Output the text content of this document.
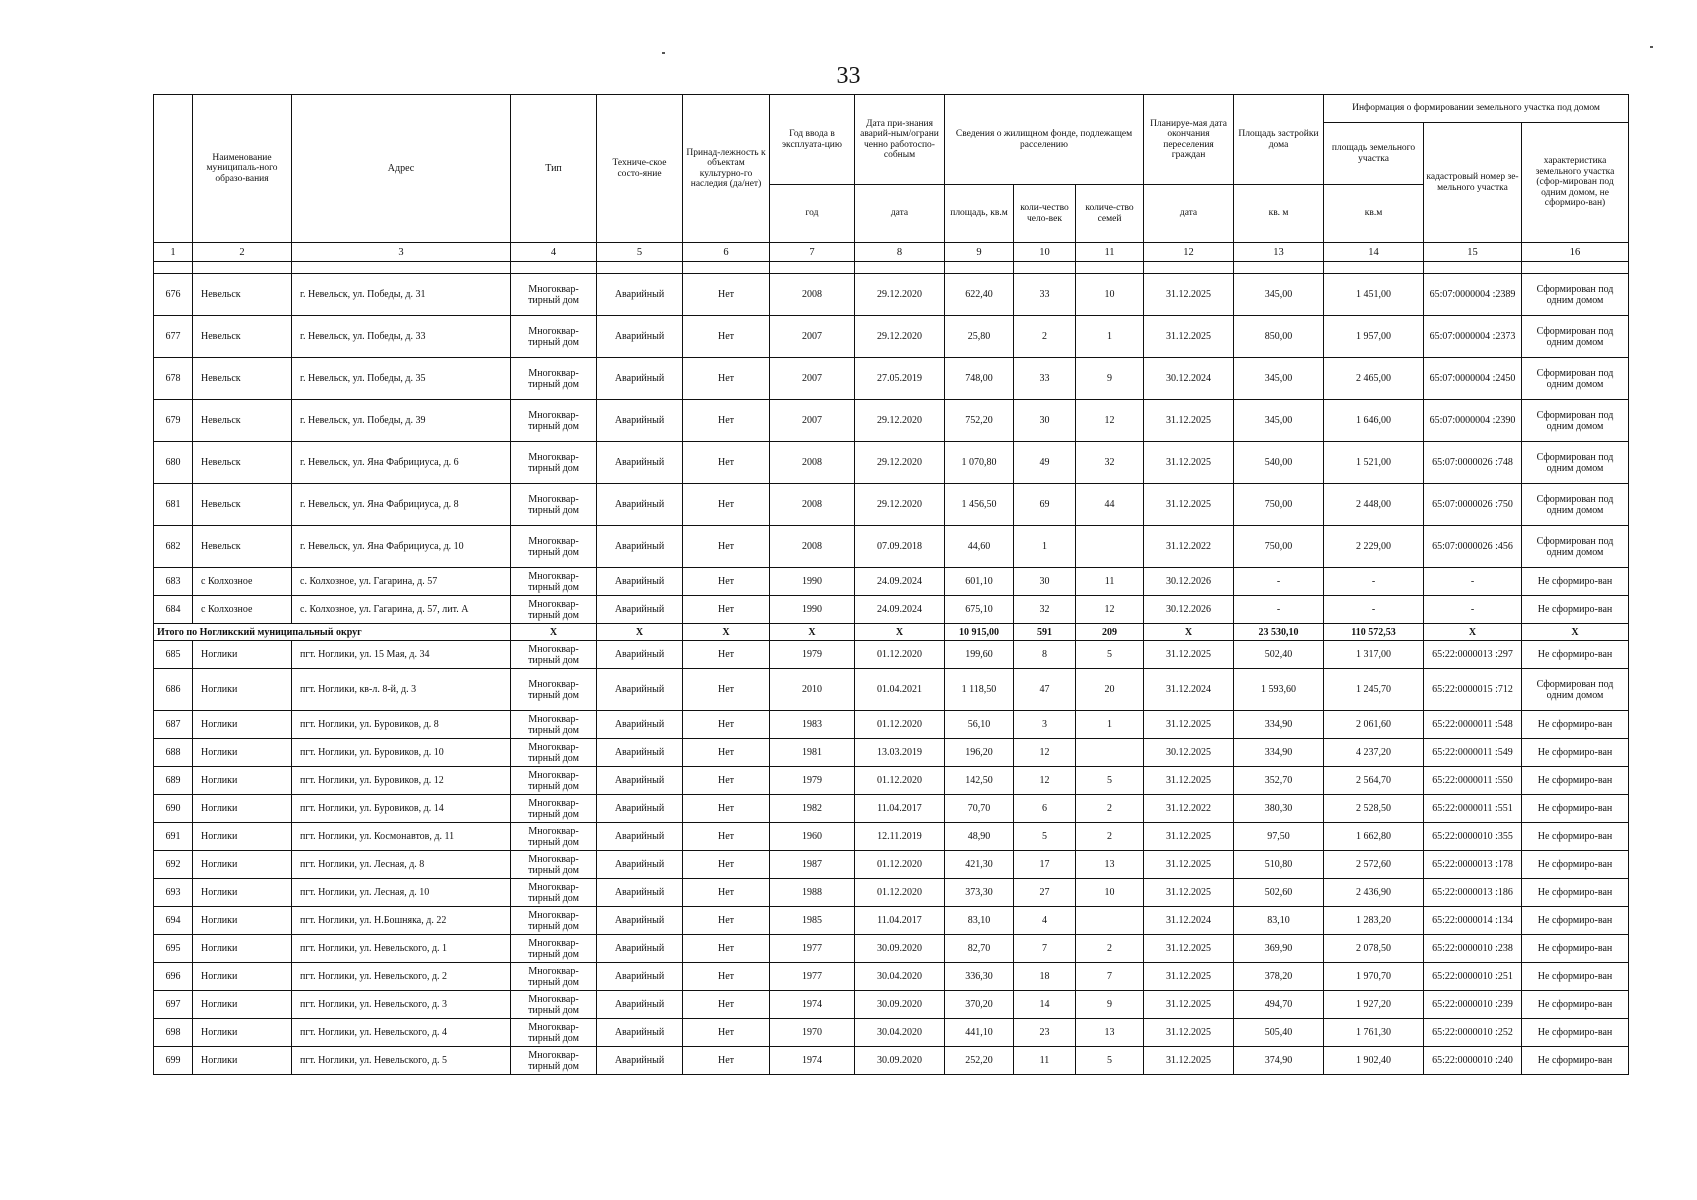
33
	Наименование муниципаль-ного образо-вания	Адрес	Тип	Техниче-ское состо-яние	Принад-лежность к объектам культурно-го наследия (да/нет)	Год ввода в эксплуата-цию	Дата при-знания аварий-ным/ограни ченно работоспо-собным	Сведения о жилищном фонде, подлежащем расселению			Планируе-мая дата окончания переселения граждан	Площадь застройки дома	Информация о формировании земельного участка под домом		
													площадь земельного участка	кадастровый номер зе-мельного участка	характеристика земельного участка (сфор-мирован под одним домом, не сформиро-ван)
						год	дата	площадь, кв.м	коли-чество чело-век	количе-ство семей	дата	кв. м	кв.м		
1	2	3	4	5	6	7	8	9	10	11	12	13	14	15	16

676	Невельск	г. Невельск, ул. Победы, д. 31	Многоквар-тирный дом	Аварийный	Нет	2008	29.12.2020	622,40	33	10	31.12.2025	345,00	1 451,00	65:07:0000004 :2389	Сформирован под одним домом
677	Невельск	г. Невельск, ул. Победы, д. 33	Многоквар-тирный дом	Аварийный	Нет	2007	29.12.2020	25,80	2	1	31.12.2025	850,00	1 957,00	65:07:0000004 :2373	Сформирован под одним домом
678	Невельск	г. Невельск, ул. Победы, д. 35	Многоквар-тирный дом	Аварийный	Нет	2007	27.05.2019	748,00	33	9	30.12.2024	345,00	2 465,00	65:07:0000004 :2450	Сформирован под одним домом
679	Невельск	г. Невельск, ул. Победы, д. 39	Многоквар-тирный дом	Аварийный	Нет	2007	29.12.2020	752,20	30	12	31.12.2025	345,00	1 646,00	65:07:0000004 :2390	Сформирован под одним домом
680	Невельск	г. Невельск, ул. Яна Фабрициуса, д. 6	Многоквар-тирный дом	Аварийный	Нет	2008	29.12.2020	1 070,80	49	32	31.12.2025	540,00	1 521,00	65:07:0000026 :748	Сформирован под одним домом
681	Невельск	г. Невельск, ул. Яна Фабрициуса, д. 8	Многоквар-тирный дом	Аварийный	Нет	2008	29.12.2020	1 456,50	69	44	31.12.2025	750,00	2 448,00	65:07:0000026 :750	Сформирован под одним домом
682	Невельск	г. Невельск, ул. Яна Фабрициуса, д. 10	Многоквар-тирный дом	Аварийный	Нет	2008	07.09.2018	44,60	1		31.12.2022	750,00	2 229,00	65:07:0000026 :456	Сформирован под одним домом
683	с Колхозное	с. Колхозное, ул. Гагарина, д. 57	Многоквар-тирный дом	Аварийный	Нет	1990	24.09.2024	601,10	30	11	30.12.2026	-	-	-	Не сформиро-ван
684	с Колхозное	с. Колхозное, ул. Гагарина, д. 57, лит. А	Многоквар-тирный дом	Аварийный	Нет	1990	24.09.2024	675,10	32	12	30.12.2026	-	-	-	Не сформиро-ван
Итого по Ногликский муниципальный округ			X	X	X	X	X	10 915,00	591	209	X	23 530,10	110 572,53	X	X
685	Ноглики	пгт. Ноглики, ул. 15 Мая, д. 34	Многоквар-тирный дом	Аварийный	Нет	1979	01.12.2020	199,60	8	5	31.12.2025	502,40	1 317,00	65:22:0000013 :297	Не сформиро-ван
686	Ноглики	пгт. Ноглики, кв-л. 8-й, д. 3	Многоквар-тирный дом	Аварийный	Нет	2010	01.04.2021	1 118,50	47	20	31.12.2024	1 593,60	1 245,70	65:22:0000015 :712	Сформирован под одним домом
687	Ноглики	пгт. Ноглики, ул. Буровиков, д. 8	Многоквар-тирный дом	Аварийный	Нет	1983	01.12.2020	56,10	3	1	31.12.2025	334,90	2 061,60	65:22:0000011 :548	Не сформиро-ван
688	Ноглики	пгт. Ноглики, ул. Буровиков, д. 10	Многоквар-тирный дом	Аварийный	Нет	1981	13.03.2019	196,20	12		30.12.2025	334,90	4 237,20	65:22:0000011 :549	Не сформиро-ван
689	Ноглики	пгт. Ноглики, ул. Буровиков, д. 12	Многоквар-тирный дом	Аварийный	Нет	1979	01.12.2020	142,50	12	5	31.12.2025	352,70	2 564,70	65:22:0000011 :550	Не сформиро-ван
690	Ноглики	пгт. Ноглики, ул. Буровиков, д. 14	Многоквар-тирный дом	Аварийный	Нет	1982	11.04.2017	70,70	6	2	31.12.2022	380,30	2 528,50	65:22:0000011 :551	Не сформиро-ван
691	Ноглики	пгт. Ноглики, ул. Космонавтов, д. 11	Многоквар-тирный дом	Аварийный	Нет	1960	12.11.2019	48,90	5	2	31.12.2025	97,50	1 662,80	65:22:0000010 :355	Не сформиро-ван
692	Ноглики	пгт. Ноглики, ул. Лесная, д. 8	Многоквар-тирный дом	Аварийный	Нет	1987	01.12.2020	421,30	17	13	31.12.2025	510,80	2 572,60	65:22:0000013 :178	Не сформиро-ван
693	Ноглики	пгт. Ноглики, ул. Лесная, д. 10	Многоквар-тирный дом	Аварийный	Нет	1988	01.12.2020	373,30	27	10	31.12.2025	502,60	2 436,90	65:22:0000013 :186	Не сформиро-ван
694	Ноглики	пгт. Ноглики, ул. Н.Бошняка, д. 22	Многоквар-тирный дом	Аварийный	Нет	1985	11.04.2017	83,10	4		31.12.2024	83,10	1 283,20	65:22:0000014 :134	Не сформиро-ван
695	Ноглики	пгт. Ноглики, ул. Невельского, д. 1	Многоквар-тирный дом	Аварийный	Нет	1977	30.09.2020	82,70	7	2	31.12.2025	369,90	2 078,50	65:22:0000010 :238	Не сформиро-ван
696	Ноглики	пгт. Ноглики, ул. Невельского, д. 2	Многоквар-тирный дом	Аварийный	Нет	1977	30.04.2020	336,30	18	7	31.12.2025	378,20	1 970,70	65:22:0000010 :251	Не сформиро-ван
697	Ноглики	пгт. Ноглики, ул. Невельского, д. 3	Многоквар-тирный дом	Аварийный	Нет	1974	30.09.2020	370,20	14	9	31.12.2025	494,70	1 927,20	65:22:0000010 :239	Не сформиро-ван
698	Ноглики	пгт. Ноглики, ул. Невельского, д. 4	Многоквар-тирный дом	Аварийный	Нет	1970	30.04.2020	441,10	23	13	31.12.2025	505,40	1 761,30	65:22:0000010 :252	Не сформиро-ван
699	Ноглики	пгт. Ноглики, ул. Невельского, д. 5	Многоквар-тирный дом	Аварийный	Нет	1974	30.09.2020	252,20	11	5	31.12.2025	374,90	1 902,40	65:22:0000010 :240	Не сформиро-ван
